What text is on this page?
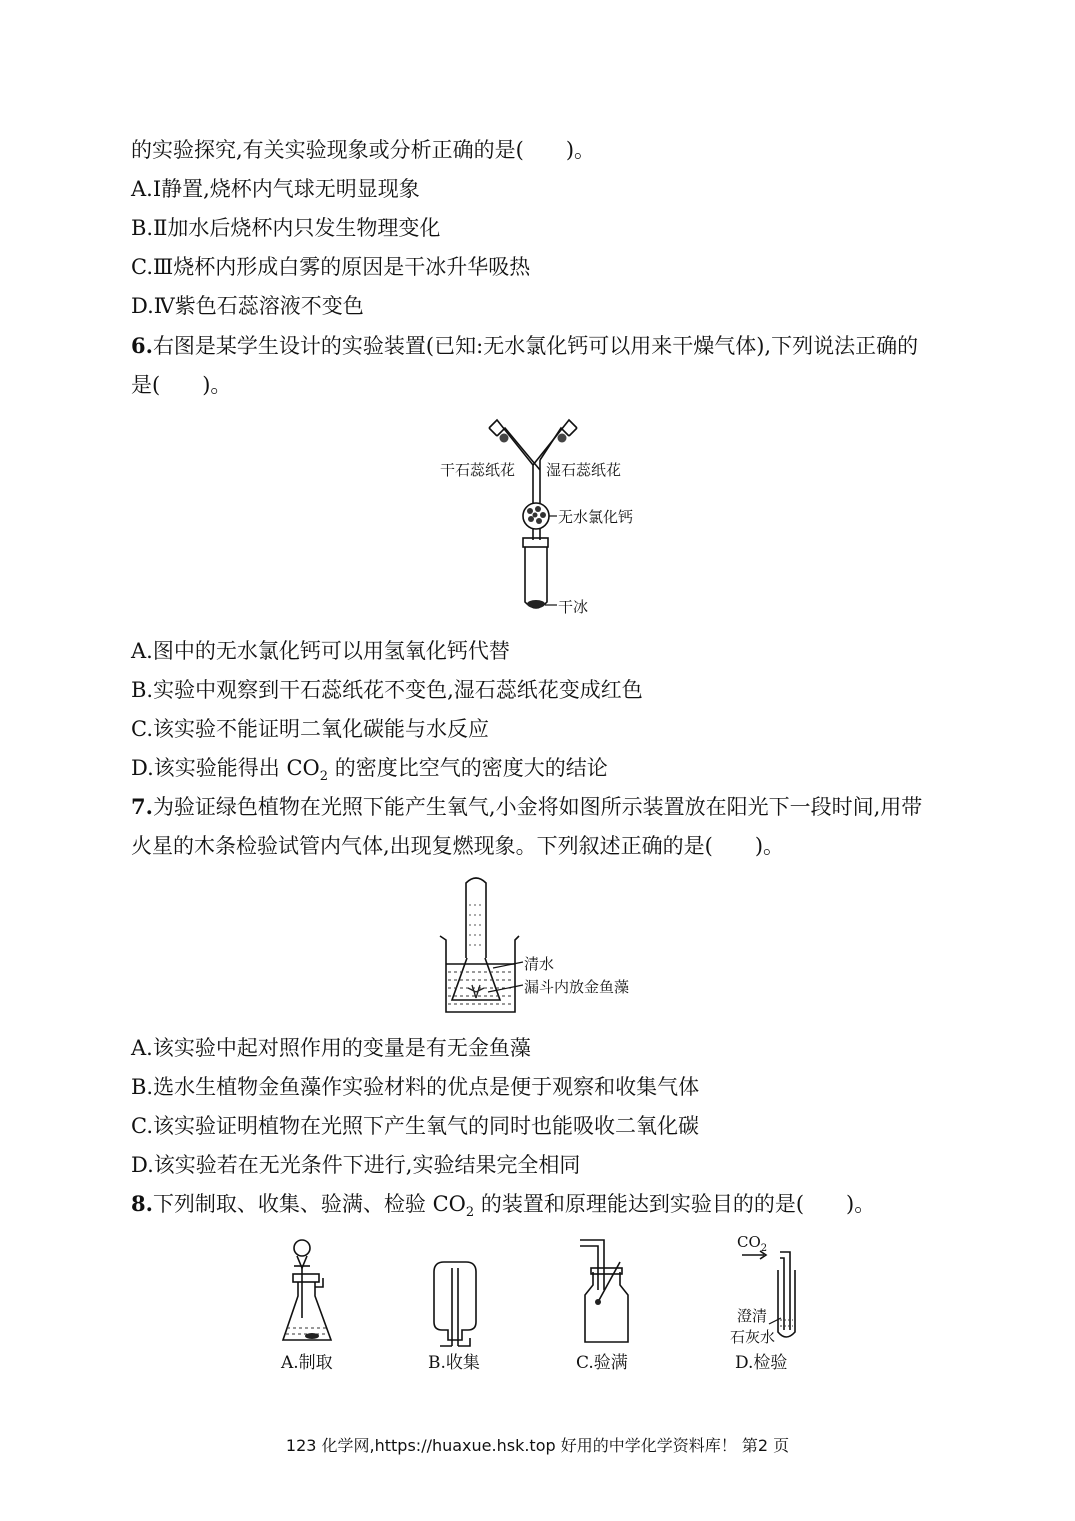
的实验探究,有关实验现象或分析正确的是(　　)。
A.Ⅰ静置,烧杯内气球无明显现象
B.Ⅱ加水后烧杯内只发生物理变化
C.Ⅲ烧杯内形成白雾的原因是干冰升华吸热
D.Ⅳ紫色石蕊溶液不变色
6.右图是某学生设计的实验装置(已知:无水氯化钙可以用来干燥气体),下列说法正确的
是(　　)。
干石蕊纸花 湿石蕊纸花
无水氯化钙
干冰
A.图中的无水氯化钙可以用氢氧化钙代替
B.实验中观察到干石蕊纸花不变色,湿石蕊纸花变成红色
C.该实验不能证明二氧化碳能与水反应
D.该实验能得出 $CO_2$ 的密度比空气的密度大的结论
7.为验证绿色植物在光照下能产生氧气,小金将如图所示装置放在阳光下一段时间,用带
火星的木条检验试管内气体,出现复燃现象。下列叙述正确的是(　　)。
清水
漏斗内放金鱼藻
A.该实验中起对照作用的变量是有无金鱼藻
B.选水生植物金鱼藻作实验材料的优点是便于观察和收集气体
C.该实验证明植物在光照下产生氧气的同时也能吸收二氧化碳
D.该实验若在无光条件下进行,实验结果完全相同
8.下列制取、收集、验满、检验 $CO_2$ 的装置和原理能达到实验目的的是(　　)。
$CO_2$
澄清
石灰水
A.制取	B.收集	C.验满	D.检验
123 化学网,https://huaxue.hsk.top 好用的中学化学资料库！ 第2 页
